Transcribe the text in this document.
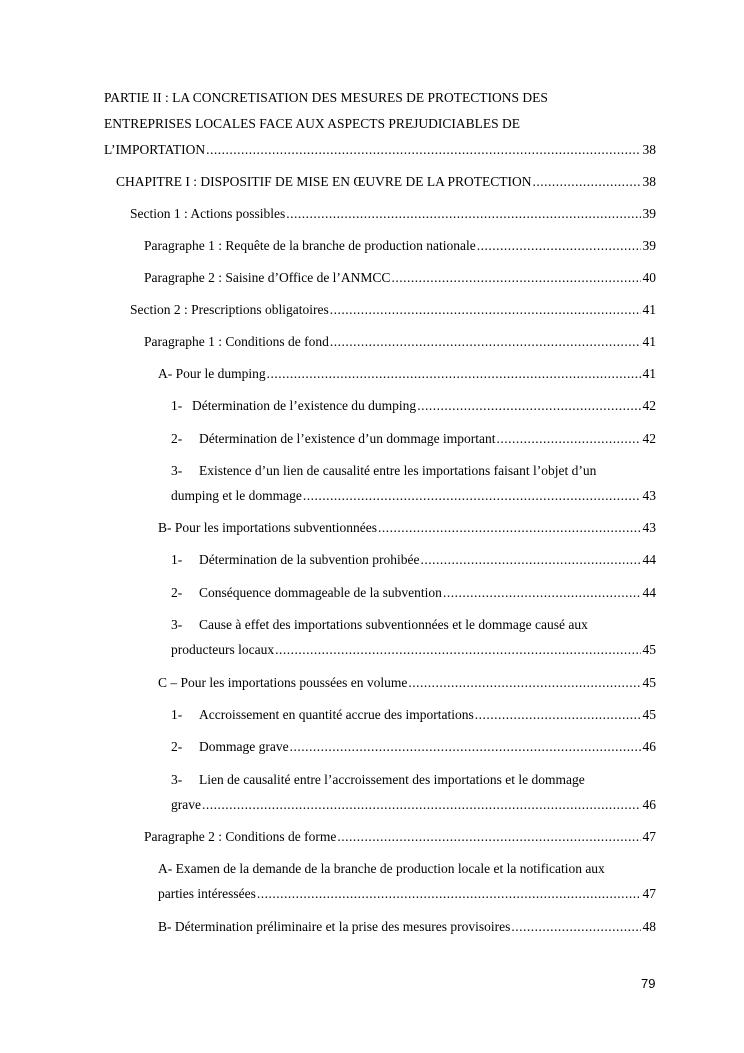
PARTIE II : LA CONCRETISATION DES MESURES DE PROTECTIONS DES
ENTREPRISES LOCALES FACE AUX ASPECTS PREJUDICIABLES DE
L’IMPORTATION .....	38
CHAPITRE I : DISPOSITIF DE MISE EN ŒUVRE DE LA PROTECTION .....	38
Section 1 : Actions possibles .....	39
Paragraphe 1 : Requête de la branche de production nationale .....	39
Paragraphe 2 : Saisine d’Office de l’ANMCC .....	40
Section 2 : Prescriptions obligatoires .....	41
Paragraphe 1 : Conditions de fond .....	41
A- Pour le dumping .....	41
1- Détermination de l’existence du dumping .....	42
2- Détermination de l’existence d’un dommage important .....	42
3- Existence d’un lien de causalité entre les importations faisant l’objet d’un
dumping et le dommage .....	43
B- Pour les importations subventionnées .....	43
1- Détermination de la subvention prohibée .....	44
2- Conséquence dommageable de la subvention .....	44
3- Cause à effet des importations subventionnées et le dommage causé aux
producteurs locaux .....	45
C – Pour les importations poussées en volume .....	45
1- Accroissement en quantité accrue des importations .....	45
2- Dommage grave .....	46
3- Lien de causalité entre l’accroissement des importations et le dommage
grave .....	46
Paragraphe 2 : Conditions de forme .....	47
A- Examen de la demande de la branche de production locale et la notification aux
parties intéressées .....	47
B- Détermination préliminaire et la prise des mesures provisoires .....	48
79
